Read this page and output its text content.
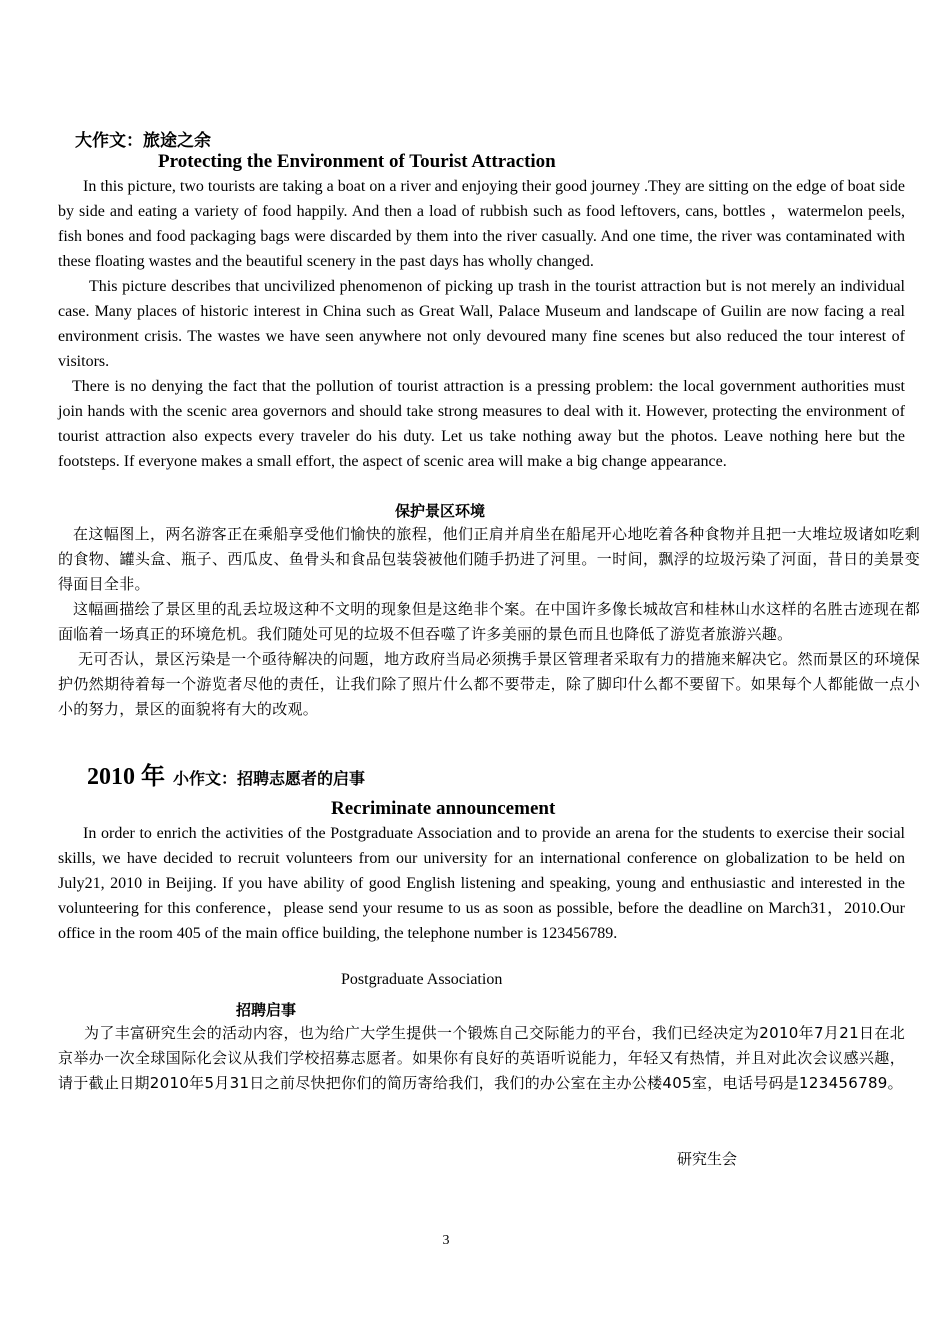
大作文：旅途之余
Protecting the Environment of Tourist Attraction

In this picture, two tourists are taking a boat on a river and enjoying their good journey .They are sitting on the edge of boat side by side and eating a variety of food happily. And then a load of rubbish such as food leftovers, cans, bottles ，watermelon peels, fish bones and food packaging bags were discarded by them into the river casually. And one time, the river was contaminated with these floating wastes and the beautiful scenery in the past days has wholly changed.

This picture describes that uncivilized phenomenon of picking up trash in the tourist attraction but is not merely an individual case. Many places of historic interest in China such as Great Wall, Palace Museum and landscape of Guilin are now facing a real environment crisis. The wastes we have seen anywhere not only devoured many fine scenes but also reduced the tour interest of visitors.

There is no denying the fact that the pollution of tourist attraction is a pressing problem: the local government authorities must join hands with the scenic area governors and should take strong measures to deal with it. However, protecting the environment of tourist attraction also expects every traveler do his duty. Let us take nothing away but the photos. Leave nothing here but the footsteps. If everyone makes a small effort, the aspect of scenic area will make a big change appearance.

保护景区环境

在这幅图上，两名游客正在乘船享受他们愉快的旅程，他们正肩并肩坐在船尾开心地吃着各种食物并且把一大堆垃圾诸如吃剩的食物、罐头盒、瓶子、西瓜皮、鱼骨头和食品包装袋被他们随手扔进了河里。一时间，飘浮的垃圾污染了河面，昔日的美景变得面目全非。

这幅画描绘了景区里的乱丢垃圾这种不文明的现象但是这绝非个案。在中国许多像长城故宫和桂林山水这样的名胜古迹现在都面临着一场真正的环境危机。我们随处可见的垃圾不但吞噬了许多美丽的景色而且也降低了游览者旅游兴趣。

无可否认，景区污染是一个亟待解决的问题，地方政府当局必须携手景区管理者采取有力的措施来解决它。然而景区的环境保护仍然期待着每一个游览者尽他的责任，让我们除了照片什么都不要带走，除了脚印什么都不要留下。如果每个人都能做一点小小的努力，景区的面貌将有大的改观。

2010 年 小作文：招聘志愿者的启事
Recriminate announcement

In order to enrich the activities of the Postgraduate Association and to provide an arena for the students to exercise their social skills, we have decided to recruit volunteers from our university for an international conference on globalization to be held on July21, 2010 in Beijing. If you have ability of good English listening and speaking, young and enthusiastic and interested in the volunteering for this conference，please send your resume to us as soon as possible, before the deadline on March31，2010.Our office in the room 405 of the main office building, the telephone number is 123456789.

Postgraduate Association
招聘启事

为了丰富研究生会的活动内容，也为给广大学生提供一个锻炼自己交际能力的平台，我们已经决定为2010年7月21日在北京举办一次全球国际化会议从我们学校招募志愿者。如果你有良好的英语听说能力，年轻又有热情，并且对此次会议感兴趣，请于截止日期2010年5月31日之前尽快把你们的简历寄给我们，我们的办公室在主办公楼405室，电话号码是123456789。

研究生会
3
